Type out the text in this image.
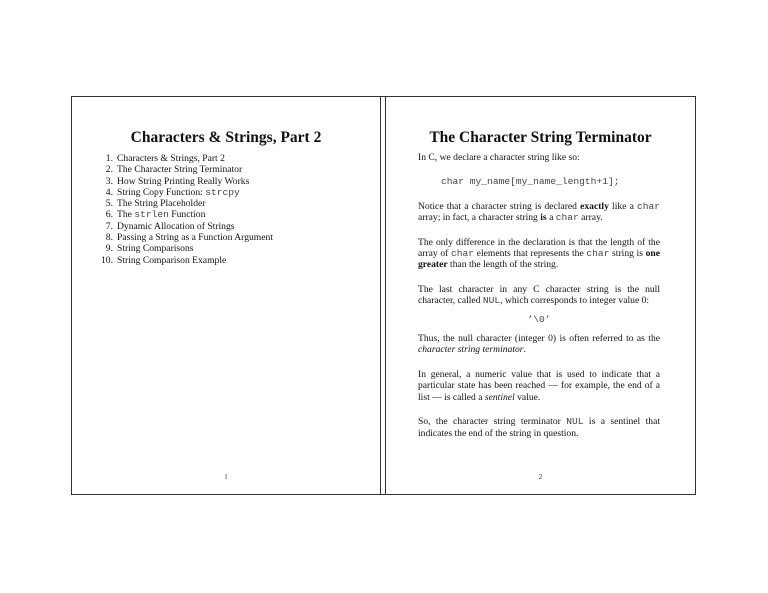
Characters & Strings, Part 2
1. Characters & Strings, Part 2
2. The Character String Terminator
3. How String Printing Really Works
4. String Copy Function: strcpy
5. The String Placeholder
6. The strlen Function
7. Dynamic Allocation of Strings
8. Passing a String as a Function Argument
9. String Comparisons
10. String Comparison Example
1
The Character String Terminator

In C, we declare a character string like so:

char my_name[my_name_length+1];

Notice that a character string is declared exactly like a char array; in fact, a character string is a char array.

The only difference in the declaration is that the length of the array of char elements that represents the char string is one greater than the length of the string.

The last character in any C character string is the null character, called NUL, which corresponds to integer value 0:

’\0’

Thus, the null character (integer 0) is often referred to as the character string terminator.

In general, a numeric value that is used to indicate that a particular state has been reached — for example, the end of a list — is called a sentinel value.

So, the character string terminator NUL is a sentinel that indicates the end of the string in question.

2
